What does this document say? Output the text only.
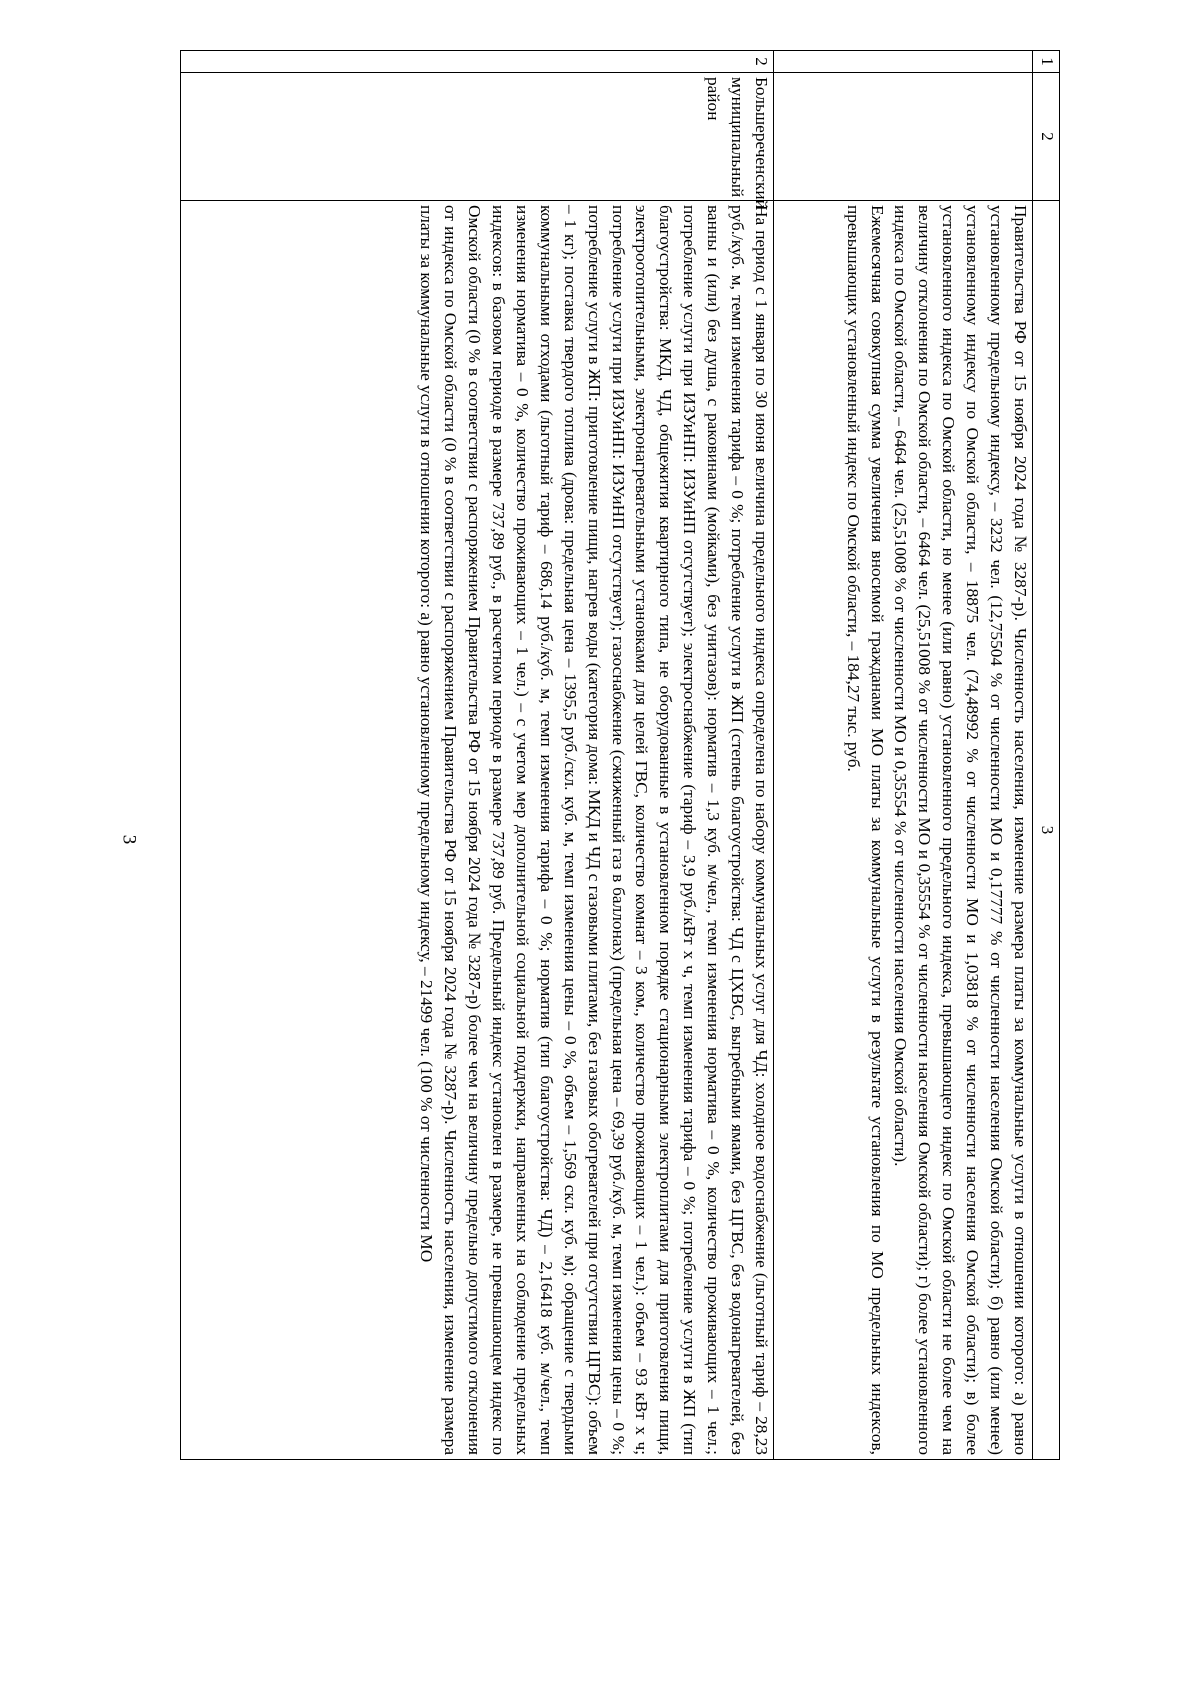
3
1	2	3

		Правительства РФ от 15 ноября 2024 года № 3287-р). Численность населения, изменение размера платы за коммунальные услуги в отношении которого: а) равно установленному предельному индексу, – 3232 чел. (12,75504 % от численности МО и 0,17777 % от численности населения Омской области); б) равно (или менее) установленному индексу по Омской области, – 18875 чел. (74,48992 % от численности МО и 1,03818 % от численности населения Омской области); в) более установленного индекса по Омской области, но менее (или равно) установленного предельного индекса, превышающего индекс по Омской области не более чем на величину отклонения по Омской области, – 6464 чел. (25,51008 % от численности МО и 0,35554 % от численности населения Омской области); г) более установленного индекса по Омской области, – 6464 чел. (25,51008 % от численности МО и 0,35554 % от численности населения Омской области).

Ежемесячная совокупная сумма увеличения вносимой гражданами МО платы за коммунальные услуги в результате установления по МО предельных индексов, превышающих установленный индекс по Омской области, – 184,27 тыс. руб.

2	Большереченский муниципальный район	На период с 1 января по 30 июня величина предельного индекса определена по набору коммунальных услуг для ЧД: холодное водоснабжение (льготный тариф – 28,23 руб./куб. м, темп изменения тарифа – 0 %; потребление услуги в ЖП (степень благоустройства: ЧД с ЦХВС, выгребными ямами, без ЦГВС, без водонагревателей, без ванны и (или) без душа, с раковинами (мойками), без унитазов): норматив – 1,3 куб. м/чел., темп изменения норматива – 0 %, количество проживающих – 1 чел.; потребление услуги при ИЗУиНП: ИЗУиНП отсутствует); электроснабжение (тариф – 3,9 руб./кВт х ч, темп изменения тарифа – 0 %; потребление услуги в ЖП (тип благоустройства: МКД, ЧД, общежития квартирного типа, не оборудованные в установленном порядке стационарными электроплитами для приготовления пищи, электроотопительными, электронагревательными установками для целей ГВС, количество комнат – 3 ком., количество проживающих – 1 чел.): объем – 93 кВт х ч; потребление услуги при ИЗУиНП: ИЗУиНП отсутствует); газоснабжение (сжиженный газ в баллонах) (предельная цена – 69,39 руб./куб. м, темп изменения цены – 0 %; потребление услуги в ЖП: приготовление пищи, нагрев воды (категория дома: МКД и ЧД с газовыми плитами, без газовых обогревателей при отсутствии ЦГВС): объем – 1 кг); поставка твердого топлива (дрова: предельная цена – 1395,5 руб./скл. куб. м, темп изменения цены – 0 %, объем – 1,569 скл. куб. м); обращение с твердыми коммунальными отходами (льготный тариф – 686,14 руб./куб. м, темп изменения тарифа – 0 %; норматив (тип благоустройства: ЧД) – 2,16418 куб. м/чел., темп изменения норматива – 0 %, количество проживающих – 1 чел.) – с учетом мер дополнительной социальной поддержки, направленных на соблюдение предельных индексов: в базовом периоде в размере 737,89 руб., в расчетном периоде в размере 737,89 руб. Предельный индекс установлен в размере, не превышающем индекс по Омской области (0 % в соответствии с распоряжением Правительства РФ от 15 ноября 2024 года № 3287-р) более чем на величину предельно допустимого отклонения от индекса по Омской области (0 % в соответствии с распоряжением Правительства РФ от 15 ноября 2024 года № 3287-р). Численность населения, изменение размера платы за коммунальные услуги в отношении которого: а) равно установленному предельному индексу, – 21499 чел. (100 % от численности МО
